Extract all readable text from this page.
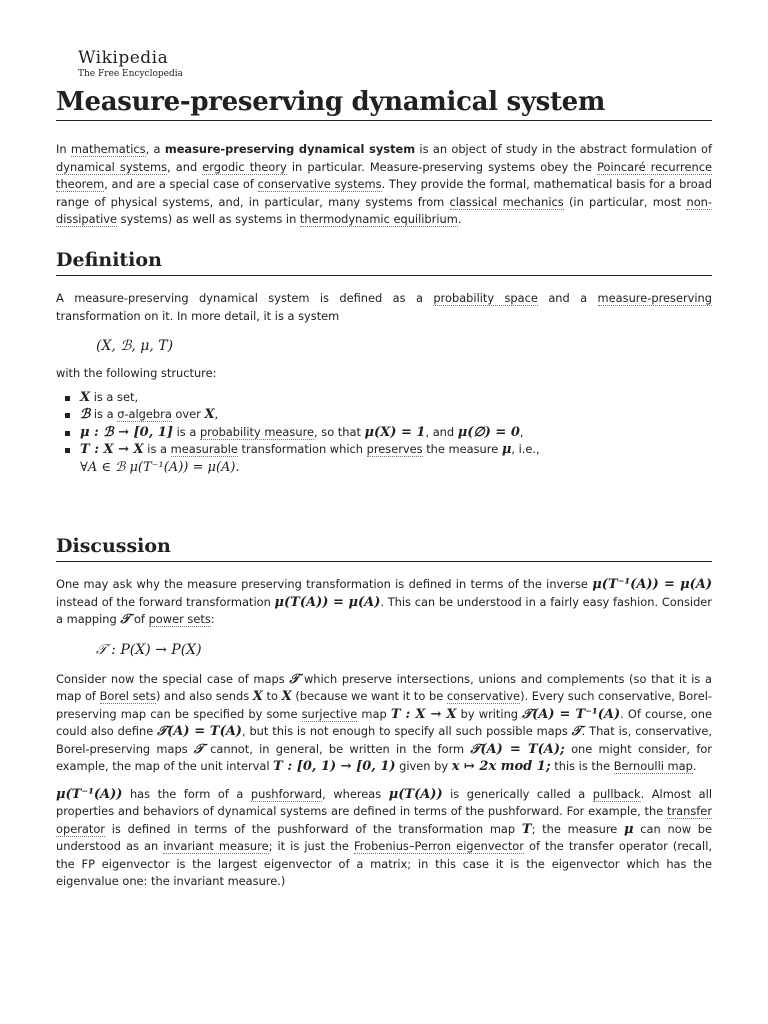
Wikipedia
The Free Encyclopedia
Measure-preserving dynamical system

In mathematics, a measure-preserving dynamical system is an object of study in the abstract formulation of dynamical systems, and ergodic theory in particular. Measure-preserving systems obey the Poincaré recurrence theorem, and are a special case of conservative systems. They provide the formal, mathematical basis for a broad range of physical systems, and, in particular, many systems from classical mechanics (in particular, most non-dissipative systems) as well as systems in thermodynamic equilibrium.

Definition

A measure-preserving dynamical system is defined as a probability space and a measure-preserving transformation on it. In more detail, it is a system

(X, ℬ, μ, T)

with the following structure:

X is a set,
ℬ is a σ-algebra over X,
μ : ℬ → [0, 1] is a probability measure, so that μ(X) = 1, and μ(∅) = 0,
T : X → X is a measurable transformation which preserves the measure μ, i.e.,
∀A ∈ ℬ μ(T⁻¹(A)) = μ(A).
Discussion

One may ask why the measure preserving transformation is defined in terms of the inverse μ(T⁻¹(A)) = μ(A) instead of the forward transformation μ(T(A)) = μ(A). This can be understood in a fairly easy fashion. Consider a mapping 𝒯 of power sets:

𝒯 : P(X) → P(X)

Consider now the special case of maps 𝒯 which preserve intersections, unions and complements (so that it is a map of Borel sets) and also sends X to X (because we want it to be conservative). Every such conservative, Borel-preserving map can be specified by some surjective map T : X → X by writing 𝒯(A) = T⁻¹(A). Of course, one could also define 𝒯(A) = T(A), but this is not enough to specify all such possible maps 𝒯. That is, conservative, Borel-preserving maps 𝒯 cannot, in general, be written in the form 𝒯(A) = T(A); one might consider, for example, the map of the unit interval T : [0, 1) → [0, 1) given by x ↦ 2x mod 1; this is the Bernoulli map.

μ(T⁻¹(A)) has the form of a pushforward, whereas μ(T(A)) is generically called a pullback. Almost all properties and behaviors of dynamical systems are defined in terms of the pushforward. For example, the transfer operator is defined in terms of the pushforward of the transformation map T; the measure μ can now be understood as an invariant measure; it is just the Frobenius–Perron eigenvector of the transfer operator (recall, the FP eigenvector is the largest eigenvector of a matrix; in this case it is the eigenvector which has the eigenvalue one: the invariant measure.)
